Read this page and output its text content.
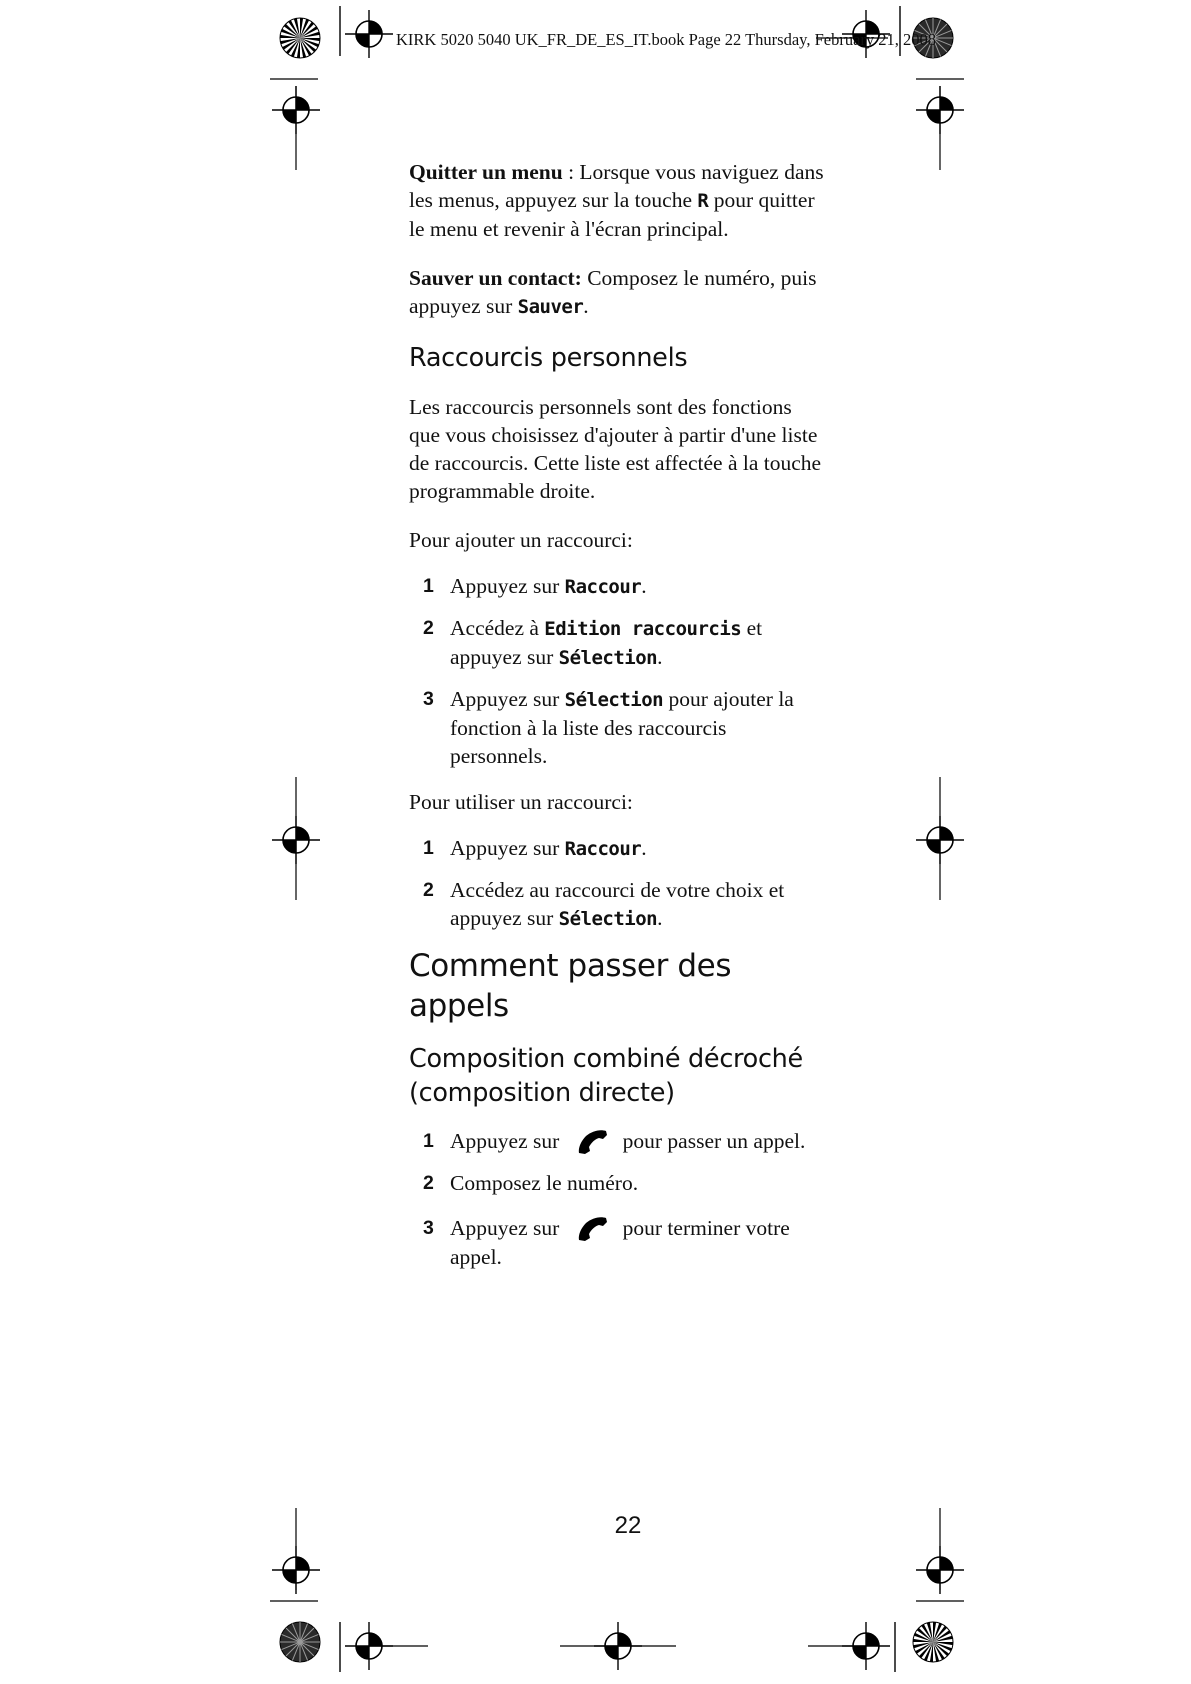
KIRK 5020 5040 UK_FR_DE_ES_IT.book Page 22 Thursday, February 21, 2008

Quitter un menu : Lorsque vous naviguez dans les menus, appuyez sur la touche R pour quitter le menu et revenir à l'écran principal.

Sauver un contact: Composez le numéro, puis appuyez sur Sauver.

Raccourcis personnels

Les raccourcis personnels sont des fonctions que vous choisissez d'ajouter à partir d'une liste de raccourcis. Cette liste est affectée à la touche programmable droite.

Pour ajouter un raccourci:

1 Appuyez sur Raccour.
2 Accédez à Edition raccourcis et appuyez sur Sélection.
3 Appuyez sur Sélection pour ajouter la fonction à la liste des raccourcis personnels.

Pour utiliser un raccourci:

1 Appuyez sur Raccour.
2 Accédez au raccourci de votre choix et appuyez sur Sélection.
Comment passer des appels
Composition combiné décroché (composition directe)
1 Appuyez sur	pour passer un appel.
2 Composez le numéro.
3 Appuyez sur	pour terminer votre appel.
22
